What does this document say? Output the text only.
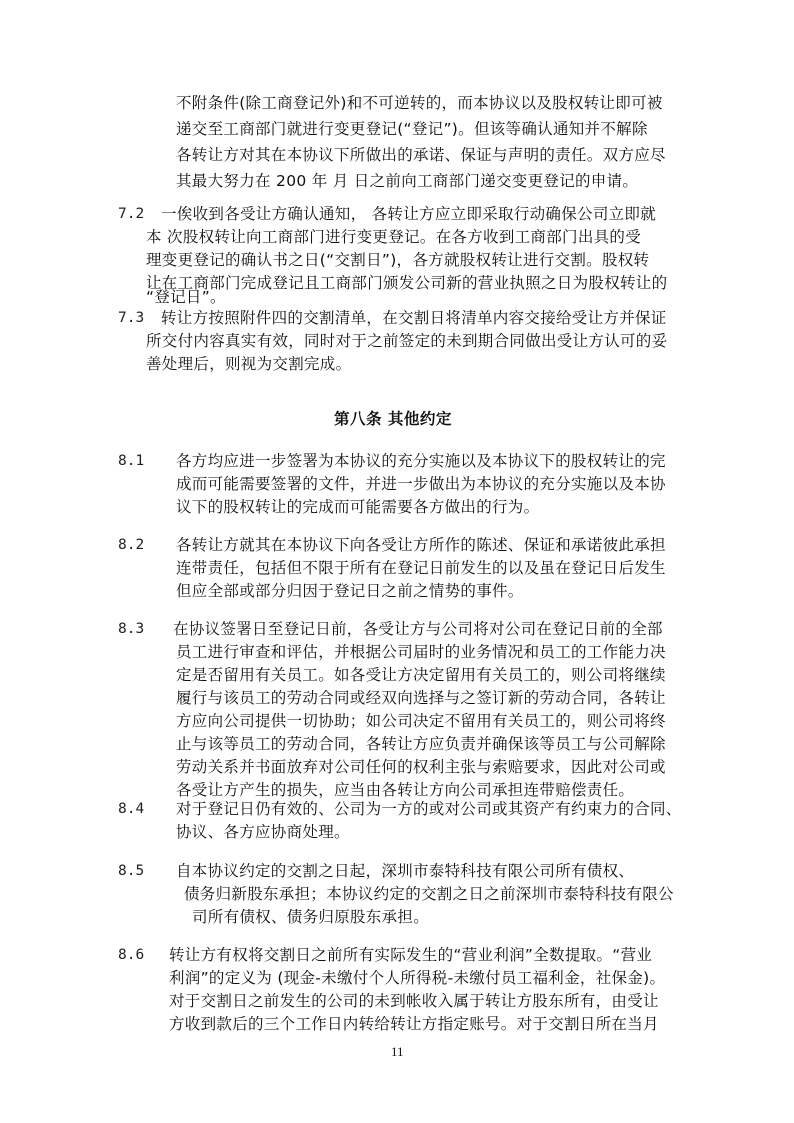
不附条件(除工商登记外)和不可逆转的，而本协议以及股权转让即可被
递交至工商部门就进行变更登记(“登记”)。但该等确认通知并不解除
各转让方对其在本协议下所做出的承诺、保证与声明的责任。双方应尽
其最大努力在 200 年 月 日之前向工商部门递交变更登记的申请。
7.2 一俟收到各受让方确认通知， 各转让方应立即采取行动确保公司立即就
本 次股权转让向工商部门进行变更登记。在各方收到工商部门出具的受
理变更登记的确认书之日(“交割日”)，各方就股权转让进行交割。股权转
让在工商部门完成登记且工商部门颁发公司新的营业执照之日为股权转让的
“登记日”。
7.3 转让方按照附件四的交割清单，在交割日将清单内容交接给受让方并保证
所交付内容真实有效，同时对于之前签定的未到期合同做出受让方认可的妥
善处理后，则视为交割完成。
第八条 其他约定
8.1 各方均应进一步签署为本协议的充分实施以及本协议下的股权转让的完
成而可能需要签署的文件，并进一步做出为本协议的充分实施以及本协
议下的股权转让的完成而可能需要各方做出的行为。
8.2 各转让方就其在本协议下向各受让方所作的陈述、保证和承诺彼此承担
连带责任，包括但不限于所有在登记日前发生的以及虽在登记日后发生
但应全部或部分归因于登记日之前之情势的事件。
8.3 在协议签署日至登记日前，各受让方与公司将对公司在登记日前的全部
员工进行审查和评估，并根据公司届时的业务情况和员工的工作能力决
定是否留用有关员工。如各受让方决定留用有关员工的，则公司将继续
履行与该员工的劳动合同或经双向选择与之签订新的劳动合同，各转让
方应向公司提供一切协助；如公司决定不留用有关员工的，则公司将终
止与该等员工的劳动合同，各转让方应负责并确保该等员工与公司解除
劳动关系并书面放弃对公司任何的权利主张与索赔要求，因此对公司或
各受让方产生的损失，应当由各转让方向公司承担连带赔偿责任。
8.4 对于登记日仍有效的、公司为一方的或对公司或其资产有约束力的合同、
协议、各方应协商处理。
8.5 自本协议约定的交割之日起，深圳市泰特科技有限公司所有债权、
债务归新股东承担；本协议约定的交割之日之前深圳市泰特科技有限公
司所有债权、债务归原股东承担。
8.6 转让方有权将交割日之前所有实际发生的“营业利润”全数提取。“营业
利润”的定义为 (现金-未缴付个人所得税-未缴付员工福利金，社保金)。
对于交割日之前发生的公司的未到帐收入属于转让方股东所有，由受让
方收到款后的三个工作日内转给转让方指定账号。对于交割日所在当月
11
